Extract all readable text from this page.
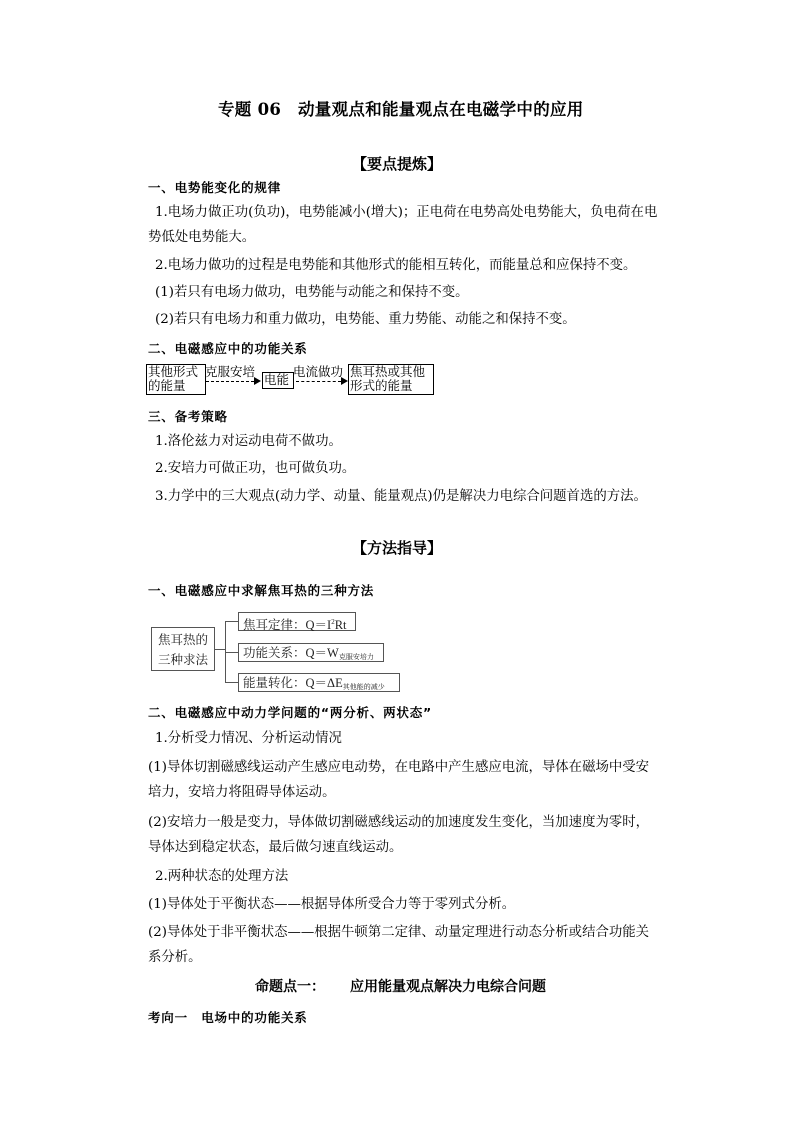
专题 06　动量观点和能量观点在电磁学中的应用
【要点提炼】
一、电势能变化的规律
1.电场力做正功(负功)，电势能减小(增大)；正电荷在电势高处电势能大，负电荷在电
势低处电势能大。
2.电场力做功的过程是电势能和其他形式的能相互转化，而能量总和应保持不变。
(1)若只有电场力做功，电势能与动能之和保持不变。
(2)若只有电场力和重力做功，电势能、重力势能、动能之和保持不变。
二、电磁感应中的功能关系
其他形式
的能量
克服安培
电能
电流做功 焦耳热或其他
形式的能量
三、备考策略
1.洛伦兹力对运动电荷不做功。
2.安培力可做正功，也可做负功。
3.力学中的三大观点(动力学、动量、能量观点)仍是解决力电综合问题首选的方法。
【方法指导】
一、电磁感应中求解焦耳热的三种方法
焦耳热的
三种求法
焦耳定律：$Q=I^2Rt$
功能关系：$Q=W_{克服安培力}$
能量转化：$Q=\Delta E_{其他能的减少}$
二、电磁感应中动力学问题的“两分析、两状态”
1.分析受力情况、分析运动情况
(1)导体切割磁感线运动产生感应电动势，在电路中产生感应电流，导体在磁场中受安
培力，安培力将阻碍导体运动。
(2)安培力一般是变力，导体做切割磁感线运动的加速度发生变化，当加速度为零时，
导体达到稳定状态，最后做匀速直线运动。
2.两种状态的处理方法
(1)导体处于平衡状态——根据导体所受合力等于零列式分析。
(2)导体处于非平衡状态——根据牛顿第二定律、动量定理进行动态分析或结合功能关
系分析。
命题点一： 应用能量观点解决力电综合问题
考向一　电场中的功能关系
